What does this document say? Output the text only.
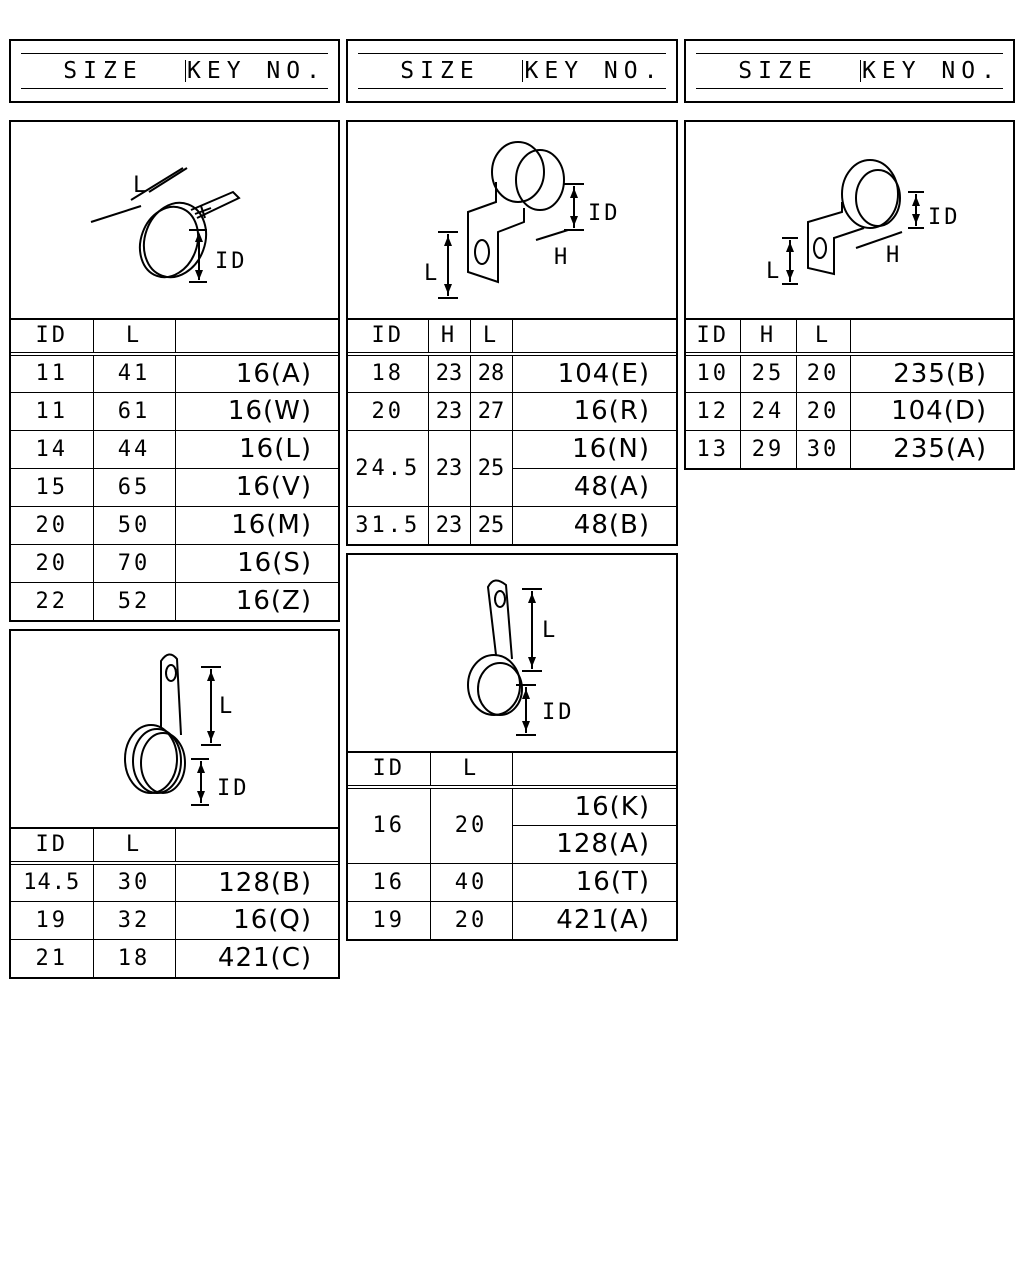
SIZE	KEY NO.	SIZE	KEY NO.	SIZE	KEY NO.
L
ID
ID	L	
11	41	16(A)
11	61	16(W)
14	44	16(L)
15	65	16(V)
20	50	16(M)
20	70	16(S)
22	52	16(Z)
L
ID
H
ID	H	L	
18	23	28	104(E)
20	23	27	16(R)
24.5	23	25	16(N)
			48(A)
31.5	23	25	48(B)
L
ID
H
ID	H	L	
10	25	20	235(B)
12	24	20	104(D)
13	29	30	235(A)
L
ID
ID	L	
14.5	30	128(B)
19	32	16(Q)
21	18	421(C)
L
ID
ID	L	
16	20	16(K)
		128(A)
16	40	16(T)
19	20	421(A)
